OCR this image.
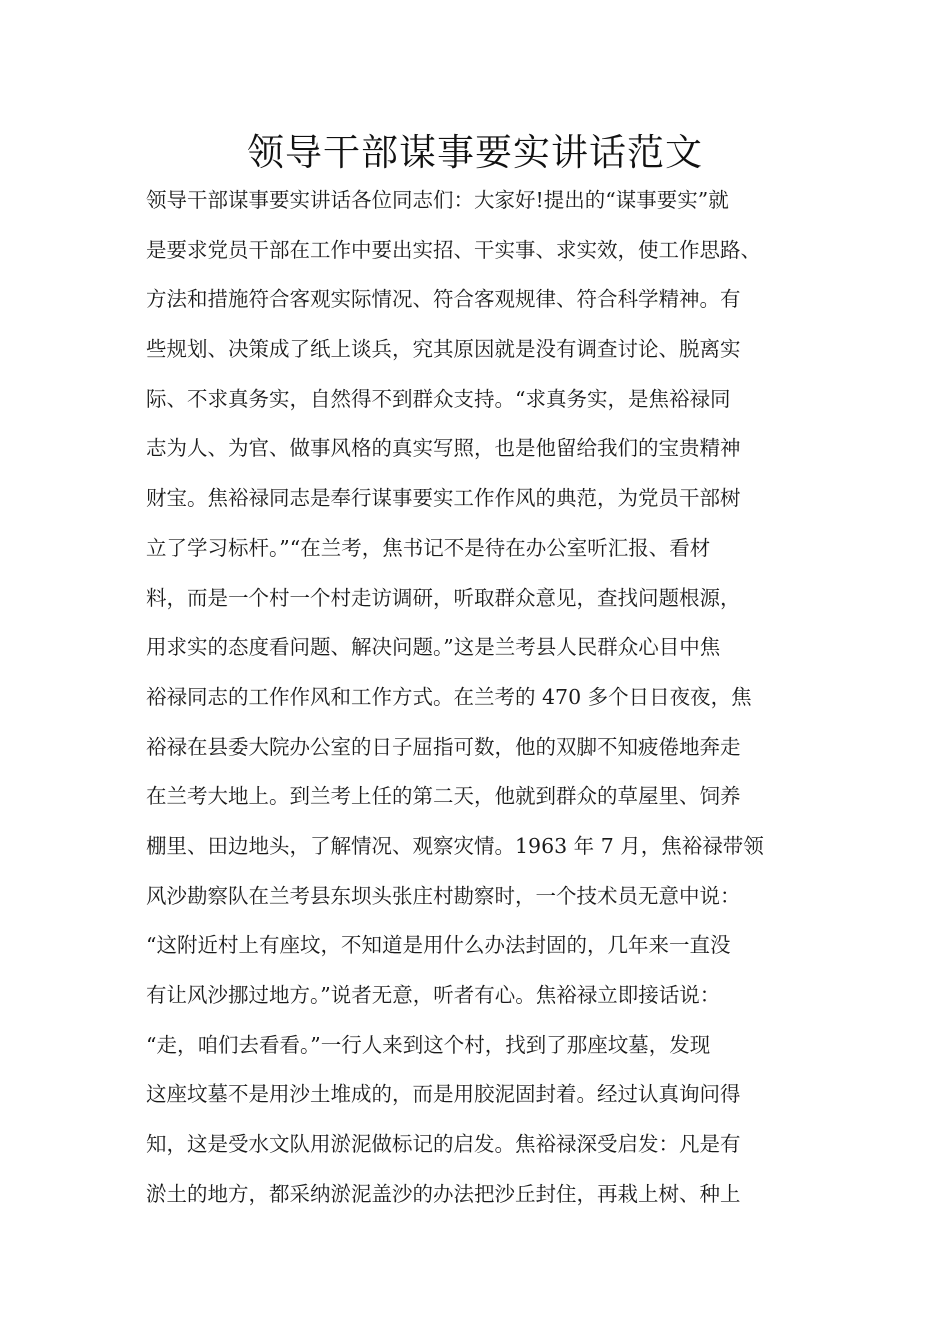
领导干部谋事要实讲话范文
领导干部谋事要实讲话各位同志们：大家好!提出的“谋事要实”就
是要求党员干部在工作中要出实招、干实事、求实效，使工作思路、
方法和措施符合客观实际情况、符合客观规律、符合科学精神。有
些规划、决策成了纸上谈兵，究其原因就是没有调查讨论、脱离实
际、不求真务实，自然得不到群众支持。“求真务实，是焦裕禄同
志为人、为官、做事风格的真实写照，也是他留给我们的宝贵精神
财宝。焦裕禄同志是奉行谋事要实工作作风的典范，为党员干部树
立了学习标杆。”“在兰考，焦书记不是待在办公室听汇报、看材
料，而是一个村一个村走访调研，听取群众意见，查找问题根源，
用求实的态度看问题、解决问题。”这是兰考县人民群众心目中焦
裕禄同志的工作作风和工作方式。在兰考的 470 多个日日夜夜，焦
裕禄在县委大院办公室的日子屈指可数，他的双脚不知疲倦地奔走
在兰考大地上。到兰考上任的第二天，他就到群众的草屋里、饲养
棚里、田边地头，了解情况、观察灾情。1963 年 7 月，焦裕禄带领
风沙勘察队在兰考县东坝头张庄村勘察时，一个技术员无意中说：
“这附近村上有座坟，不知道是用什么办法封固的，几年来一直没
有让风沙挪过地方。”说者无意，听者有心。焦裕禄立即接话说：
“走，咱们去看看。”一行人来到这个村，找到了那座坟墓，发现
这座坟墓不是用沙土堆成的，而是用胶泥固封着。经过认真询问得
知，这是受水文队用淤泥做标记的启发。焦裕禄深受启发：凡是有
淤土的地方，都采纳淤泥盖沙的办法把沙丘封住，再栽上树、种上
